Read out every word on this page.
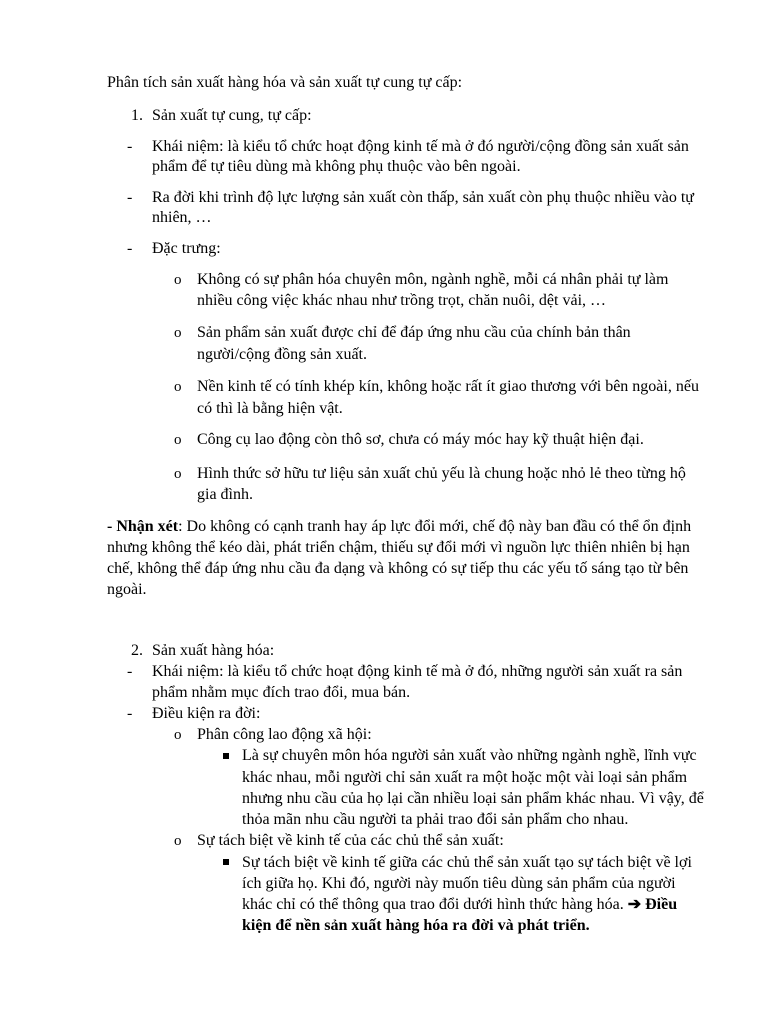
Phân tích sản xuất hàng hóa và sản xuất tự cung tự cấp:
1. Sản xuất tự cung, tự cấp:
- Khái niệm: là kiểu tổ chức hoạt động kinh tế mà ở đó người/cộng đồng sản xuất sản
phẩm để tự tiêu dùng mà không phụ thuộc vào bên ngoài.
- Ra đời khi trình độ lực lượng sản xuất còn thấp, sản xuất còn phụ thuộc nhiều vào tự
nhiên, …
- Đặc trưng:
o Không có sự phân hóa chuyên môn, ngành nghề, mỗi cá nhân phải tự làm
nhiều công việc khác nhau như trồng trọt, chăn nuôi, dệt vải, …
o Sản phẩm sản xuất được chỉ để đáp ứng nhu cầu của chính bản thân
người/cộng đồng sản xuất.
o Nền kinh tế có tính khép kín, không hoặc rất ít giao thương với bên ngoài, nếu
có thì là bằng hiện vật.
o Công cụ lao động còn thô sơ, chưa có máy móc hay kỹ thuật hiện đại.
o Hình thức sở hữu tư liệu sản xuất chủ yếu là chung hoặc nhỏ lẻ theo từng hộ
gia đình.
- Nhận xét: Do không có cạnh tranh hay áp lực đổi mới, chế độ này ban đầu có thể ổn định
nhưng không thể kéo dài, phát triển chậm, thiếu sự đổi mới vì nguồn lực thiên nhiên bị hạn
chế, không thể đáp ứng nhu cầu đa dạng và không có sự tiếp thu các yếu tố sáng tạo từ bên
ngoài.
2. Sản xuất hàng hóa:
- Khái niệm: là kiểu tổ chức hoạt động kinh tế mà ở đó, những người sản xuất ra sản
phẩm nhằm mục đích trao đổi, mua bán.
- Điều kiện ra đời:
o Phân công lao động xã hội:
Là sự chuyên môn hóa người sản xuất vào những ngành nghề, lĩnh vực
khác nhau, mỗi người chỉ sản xuất ra một hoặc một vài loại sản phẩm
nhưng nhu cầu của họ lại cần nhiều loại sản phẩm khác nhau. Vì vậy, để
thỏa mãn nhu cầu người ta phải trao đổi sản phẩm cho nhau.
o Sự tách biệt về kinh tế của các chủ thể sản xuất:
Sự tách biệt về kinh tế giữa các chủ thể sản xuất tạo sự tách biệt về lợi
ích giữa họ. Khi đó, người này muốn tiêu dùng sản phẩm của người
khác chỉ có thể thông qua trao đổi dưới hình thức hàng hóa. ➔ Điều
kiện để nền sản xuất hàng hóa ra đời và phát triển.
